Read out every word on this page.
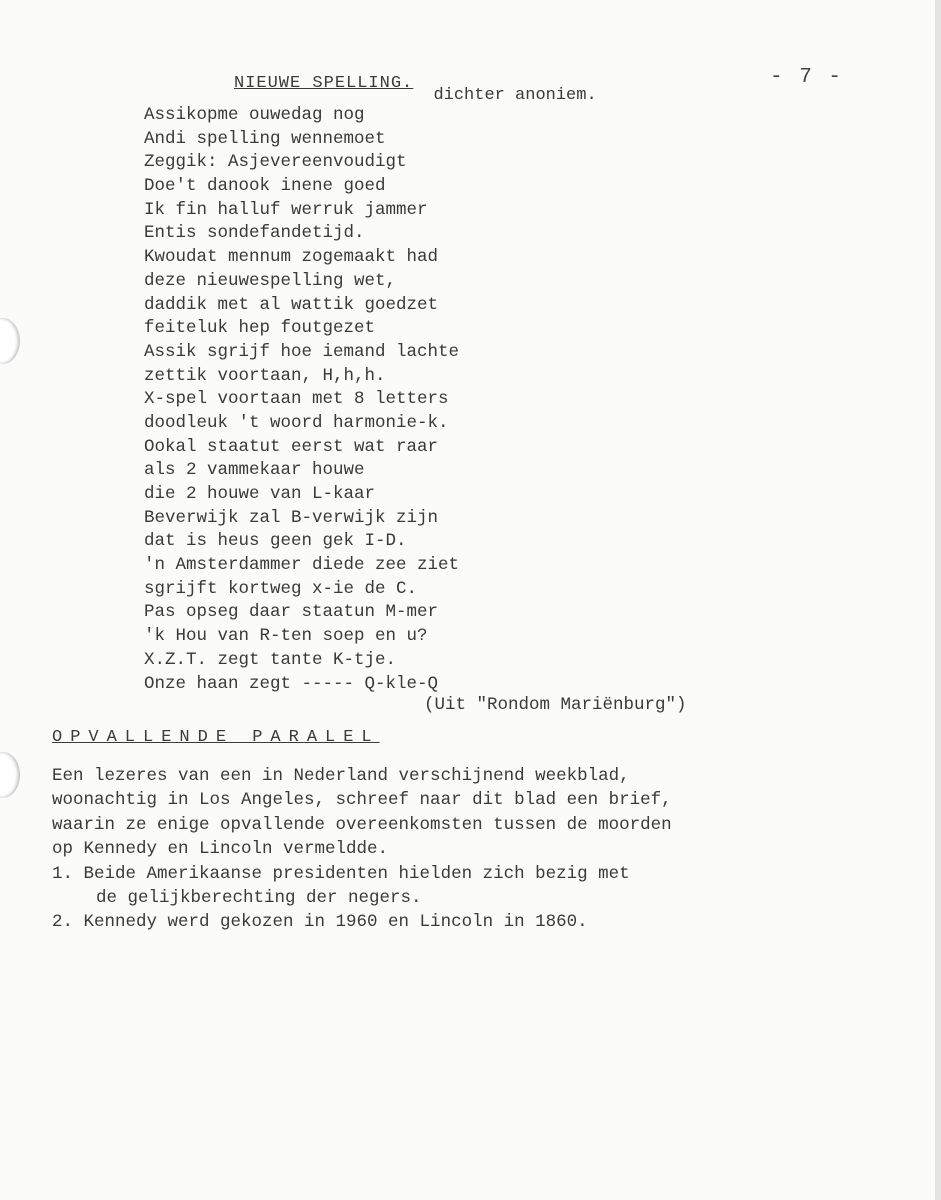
- 7 -
NIEUWE SPELLING. dichter anoniem.
Assikopme ouwedag nog
Andi spelling wennemoet
Zeggik: Asjevereenvoudigt
Doe't danook inene goed
Ik fin halluf werruk jammer
Entis sondefandetijd.
Kwoudat mennum zogemaakt had
deze nieuwespelling wet,
daddik met al wattik goedzet
feiteluk hep foutgezet
Assik sgrijf hoe iemand lachte
zettik voortaan, H,h,h.
X-spel voortaan met 8 letters
doodleuk 't woord harmonie-k.
Ookal staatut eerst wat raar
als 2 vammekaar houwe
die 2 houwe van L-kaar
Beverwijk zal B-verwijk zijn
dat is heus geen gek I-D.
'n Amsterdammer diede zee ziet
sgrijft kortweg x-ie de C.
Pas opseg daar staatun M-mer
'k Hou van R-ten soep en u?
X.Z.T. zegt tante K-tje.
Onze haan zegt ----- Q-kle-Q
(Uit "Rondom Mariënburg")
OPVALLENDE PARALEL
Een lezeres van een in Nederland verschijnend weekblad,
woonachtig in Los Angeles, schreef naar dit blad een brief,
waarin ze enige opvallende overeenkomsten tussen de moorden
op Kennedy en Lincoln vermeldde.
1. Beide Amerikaanse presidenten hielden zich bezig met
de gelijkberechting der negers.
2. Kennedy werd gekozen in 1960 en Lincoln in 1860.
